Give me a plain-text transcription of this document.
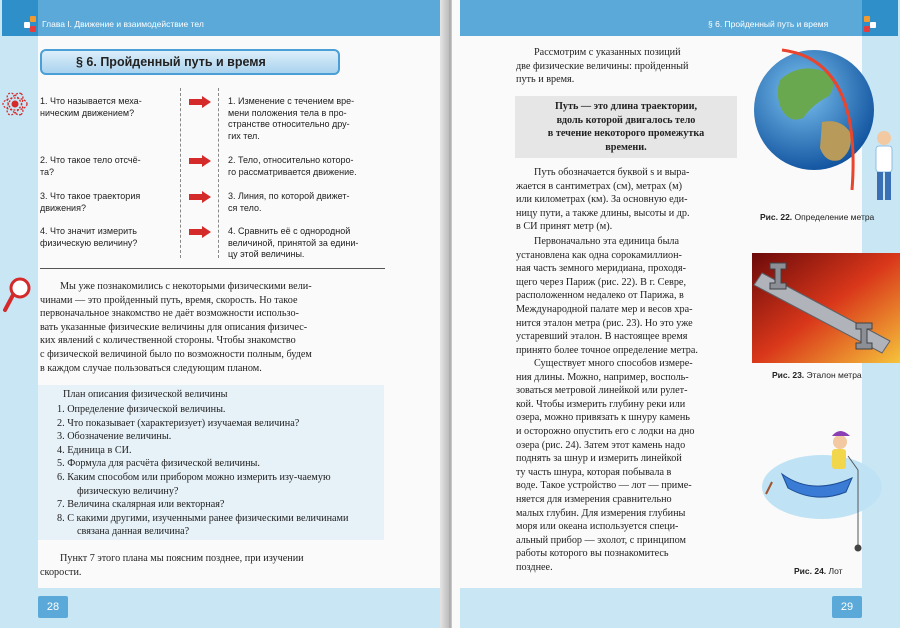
Глава I. Движение и взаимодействие тел
§ 6. Пройденный путь и время
1. Что называется меха-
ническим движением?
1. Изменение с течением вре-
мени положения тела в про-
странстве относительно дру-
гих тел.
2. Что такое тело отсчё-
та?
2. Тело, относительно которо-
го рассматривается движение.
3. Что такое траектория
движения?
3. Линия, по которой движет-
ся тело.
4. Что значит измерить
физическую величину?
4. Сравнить её с однородной
величиной, принятой за едини-
цу этой величины.
Мы уже познакомились с некоторыми физическими вели-
чинами — это пройденный путь, время, скорость. Но такое
первоначальное знакомство не даёт возможности использо-
вать указанные физические величины для описания физичес-
ких явлений с количественной стороны. Чтобы знакомство
с физической величиной было по возможности полным, будем
в каждом случае пользоваться следующим планом.
План описания физической величины
1. Определение физической величины.
2. Что показывает (характеризует) изучаемая величина?
3. Обозначение величины.
4. Единица в СИ.
5. Формула для расчёта физической величины.
6. Каким способом или прибором можно измерить изу-чаемую физическую величину?
7. Величина скалярная или векторная?
8. С какими другими, изученными ранее физическими величинами связана данная величина?
Пункт 7 этого плана мы поясним позднее, при изучении
скорости.
28
§ 6. Пройденный путь и время
Рассмотрим с указанных позиций
две физические величины: пройденный
путь и время.
Путь — это длина траектории,
вдоль которой двигалось тело
в течение некоторого промежутка
времени.
Путь обозначается буквой s и выра-
жается в сантиметрах (см), метрах (м)
или километрах (км). За основную еди-
ницу пути, а также длины, высоты и др.
в СИ принят метр (м).
Первоначально эта единица была
установлена как одна сорокамиллион-
ная часть земного меридиана, проходя-
щего через Париж (рис. 22). В г. Севре,
расположенном недалеко от Парижа, в
Международной палате мер и весов хра-
нится эталон метра (рис. 23). Но это уже
устаревший эталон. В настоящее время
принято более точное определение метра.
Существует много способов измере-
ния длины. Можно, например, восполь-
зоваться метровой линейкой или рулет-
кой. Чтобы измерить глубину реки или
озера, можно привязать к шнуру камень
и осторожно опустить его с лодки на дно
озера (рис. 24). Затем этот камень надо
поднять за шнур и измерить линейкой
ту часть шнура, которая побывала в
воде. Такое устройство — лот — приме-
няется для измерения сравнительно
малых глубин. Для измерения глубины
моря или океана используется специ-
альный прибор — эхолот, с принципом
работы которого вы познакомитесь
позднее.
Рис. 22. Определение метра
Рис. 23. Эталон метра
Рис. 24. Лот
29
